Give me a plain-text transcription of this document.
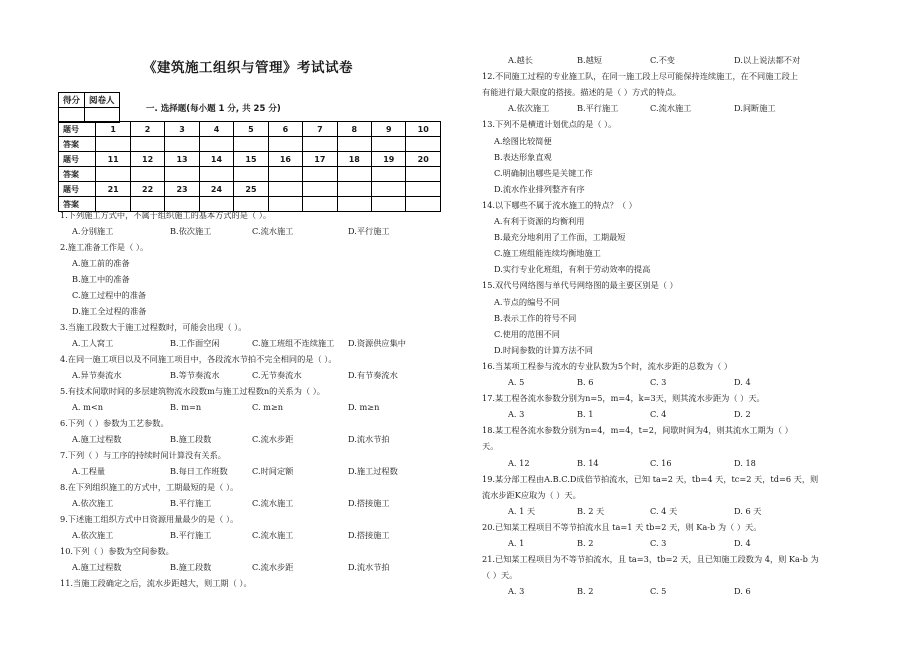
《建筑施工组织与管理》考试试卷
得分	阅卷人

一. 选择题(每小题 1 分, 共 25 分)
题号	1	2	3	4	5	6	7	8	9	10
答案										
题号	11	12	13	14	15	16	17	18	19	20
答案										
题号	21	22	23	24	25					
答案										
1.下列施工方式中，不属于组织施工的基本方式的是（ ）。
A.分别施工	B.依次施工	C.流水施工	D.平行施工
2.施工准备工作是（ ）。
A.施工前的准备
B.施工中的准备
C.施工过程中的准备
D.施工全过程的准备
3.当施工段数大于施工过程数时，可能会出现（ ）。
A.工人窝工	B.工作面空闲	C.施工班组不连续施工 D.资源供应集中
4.在同一施工项目以及不同施工项目中，各段流水节拍不完全相同的是（ ）。
A.异节奏流水	B.等节奏流水	C.无节奏流水	D.有节奏流水
5.有技术间歇时间的多层建筑物流水段数m与施工过程数n的关系为（ ）。
A. m<n	B. m=n	C. m≥n	D. m≥n
6.下列（ ）参数为工艺参数。
A.施工过程数	B.施工段数	C.流水步距	D.流水节拍
7.下列（ ）与工序的持续时间计算没有关系。
A.工程量	B.每日工作班数	C.时间定额	D.施工过程数
8.在下列组织施工的方式中，工期最短的是（ ）。
A.依次施工	B.平行施工	C.流水施工	D.搭接施工
9.下述施工组织方式中日资源用量最少的是（ ）。
A.依次施工	B.平行施工	C.流水施工	D.搭接施工
10.下列（ ）参数为空间参数。
A.施工过程数	B.施工段数	C.流水步距	D.流水节拍
11.当施工段确定之后，流水步距越大，则工期（ ）。
A.越长	B.越短	C.不变	D.以上说法都不对
12.不同施工过程的专业施工队，在同一施工段上尽可能保持连续施工，在不同施工段上
有能进行最大限度的搭接。描述的是（ ）方式的特点。
A.依次施工	B.平行施工	C.流水施工	D.间断施工
13.下列不是横道计划优点的是（ ）。
A.绘图比较简便
B.表达形象直观
C.明确制出哪些是关键工作
D.流水作业排列整齐有序
14.以下哪些不属于流水施工的特点？（ ）
A.有利于资源的均衡利用
B.最充分地利用了工作面，工期最短
C.施工班组能连续均衡地施工
D.实行专业化班组，有利于劳动效率的提高
15.双代号网络图与单代号网络图的最主要区别是（ ）
A.节点的编号不同
B.表示工作的符号不同
C.使用的范围不同
D.时间参数的计算方法不同
16.当某项工程参与流水的专业队数为5个时，流水步距的总数为（ ）
A. 5	B. 6	C. 3	D. 4
17.某工程各流水参数分别为n=5，m=4，k=3天，则其流水步距为（ ）天。
A. 3	B. 1	C. 4	D. 2
18.某工程各流水参数分别为n=4，m=4，t=2，间歇时间为4，则其流水工期为（ ）
天。
A. 12	B. 14	C. 16	D. 18
19.某分部工程由A.B.C.D成倍节拍流水，已知 ta=2 天，tb=4 天，tc=2 天，td=6 天，则
流水步距K应取为（ ）天。
A. 1 天	B. 2 天	C. 4 天	D. 6 天
20.已知某工程项目不等节拍流水且 ta=1 天 tb=2 天，则 Ka-b 为（ ）天。
A. 1	B. 2	C. 3	D. 4
21.已知某工程项目为不等节拍流水，且 ta=3，tb=2 天，且已知施工段数为 4，则 Ka-b 为
（ ）天。
A. 3	B. 2	C. 5	D. 6
